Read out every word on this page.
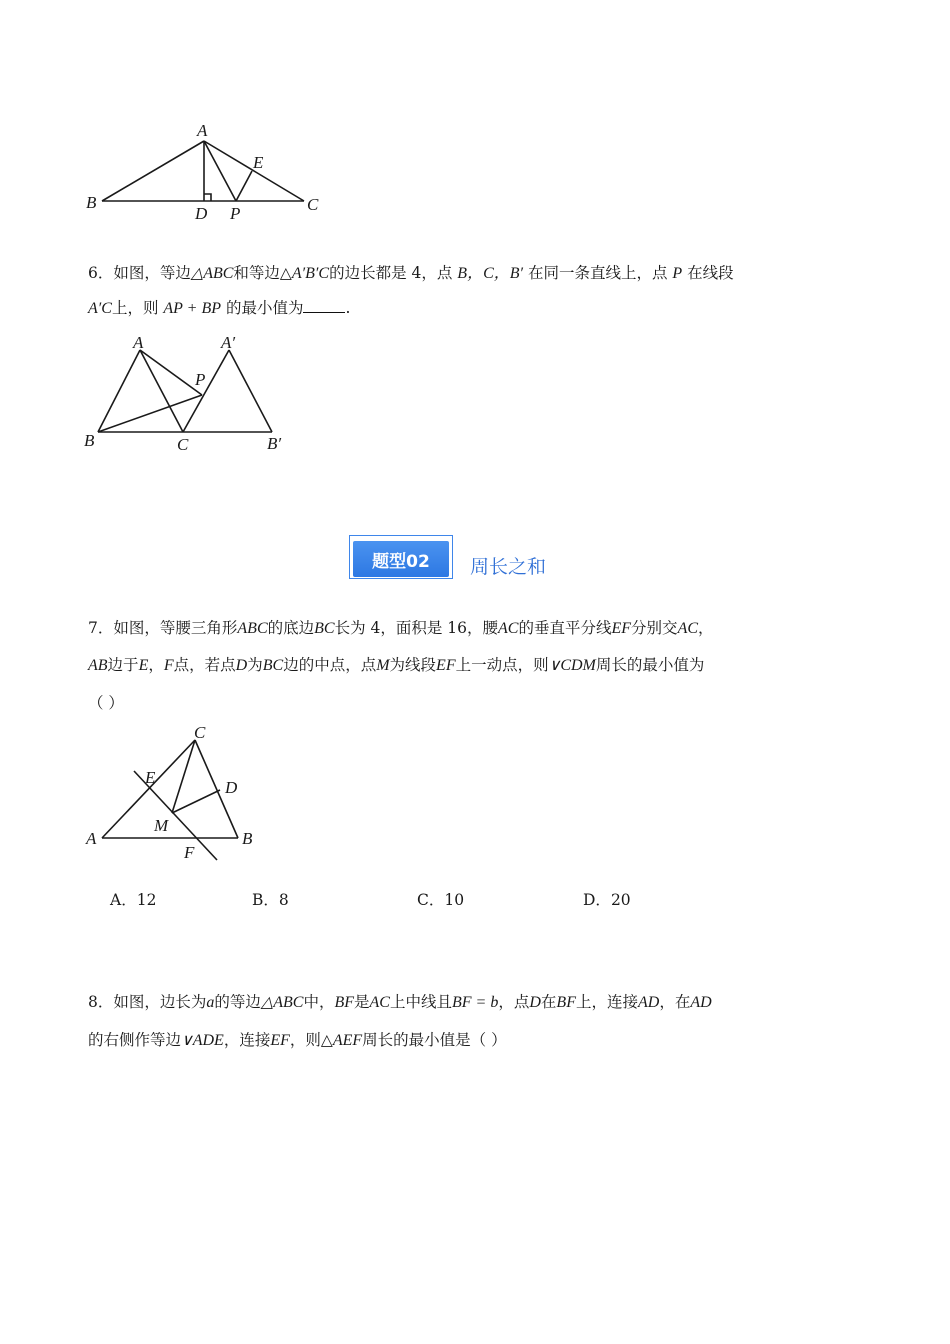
A
B	C
D P
E
6．如图，等边△ABC和等边△A′B′C的边长都是 4，点 B，C，B′ 在同一条直线上，点 P 在线段
A′C上，则 AP + BP 的最小值为	.
A	A′
P
B	C	B′
题型02	周长之和
7．如图，等腰三角形ABC的底边BC长为 4，面积是 16，腰AC的垂直平分线EF分别交AC，
AB边于E，F点，若点D为BC边的中点，点M为线段EF上一动点，则∨CDM周长的最小值为
（ ）
C
E
D
M
A	B
F
A．12	B．8	C．10	D．20
8．如图，边长为a的等边△ABC中，BF是AC上中线且BF = b，点D在BF上，连接AD，在AD
的右侧作等边∨ADE，连接EF，则△AEF周长的最小值是（ ）
